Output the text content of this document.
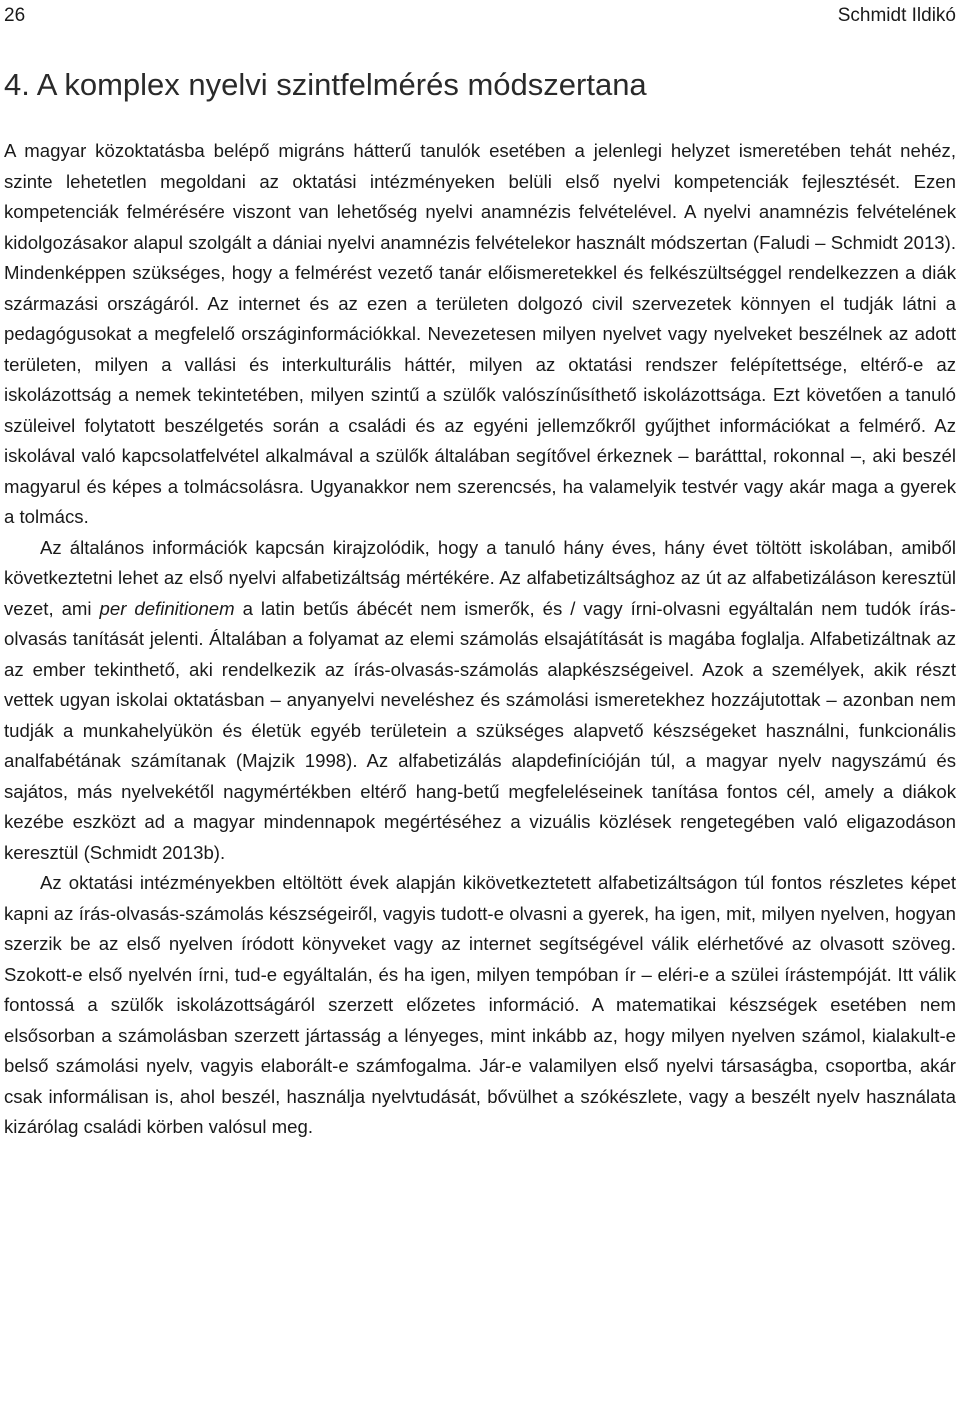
26	Schmidt Ildikó
4. A komplex nyelvi szintfelmérés módszertana

A magyar közoktatásba belépő migráns hátterű tanulók esetében a jelenlegi helyzet ismeretében tehát nehéz, szinte lehetetlen megoldani az oktatási intézményeken belüli első nyelvi kompetenciák fejlesztését. Ezen kompetenciák felmérésére viszont van lehetőség nyelvi anamnézis felvételével. A nyelvi anamnézis felvételének kidolgozásakor alapul szolgált a dániai nyelvi anamnézis felvételekor használt módszertan (Faludi – Schmidt 2013). Mindenképpen szükséges, hogy a felmérést vezető tanár előismeretekkel és felkészültséggel rendelkezzen a diák származási országáról. Az internet és az ezen a területen dolgozó civil szervezetek könnyen el tudják látni a pedagógusokat a megfelelő országinformációkkal. Nevezetesen milyen nyelvet vagy nyelveket beszélnek az adott területen, milyen a vallási és interkulturális háttér, milyen az oktatási rendszer felépítettsége, eltérő-e az iskolázottság a nemek tekintetében, milyen szintű a szülők valószínűsíthető iskolázottsága. Ezt követően a tanuló szüleivel folytatott beszélgetés során a családi és az egyéni jellemzőkről gyűjthet információkat a felmérő. Az iskolával való kapcsolatfelvétel alkalmával a szülők általában segítővel érkeznek – barátttal, rokonnal –, aki beszél magyarul és képes a tolmácsolásra. Ugyanakkor nem szerencsés, ha valamelyik testvér vagy akár maga a gyerek a tolmács.

Az általános információk kapcsán kirajzolódik, hogy a tanuló hány éves, hány évet töltött iskolában, amiből következtetni lehet az első nyelvi alfabetizáltság mértékére. Az alfabetizáltsághoz az út az alfabetizáláson keresztül vezet, ami per definitionem a latin betűs ábécét nem ismerők, és / vagy írni-olvasni egyáltalán nem tudók írás-olvasás tanítását jelenti. Általában a folyamat az elemi számolás elsajátítását is magába foglalja. Alfabetizáltnak az az ember tekinthető, aki rendelkezik az írás-olvasás-számolás alapkészségeivel. Azok a személyek, akik részt vettek ugyan iskolai oktatásban – anyanyelvi neveléshez és számolási ismeretekhez hozzájutottak – azonban nem tudják a munkahelyükön és életük egyéb területein a szükséges alapvető készségeket használni, funkcionális analfabétának számítanak (Majzik 1998). Az alfabetizálás alapdefinícióján túl, a magyar nyelv nagyszámú és sajátos, más nyelvekétől nagymértékben eltérő hang-betű megfeleléseinek tanítása fontos cél, amely a diákok kezébe eszközt ad a magyar mindennapok megértéséhez a vizuális közlések rengetegében való eligazodáson keresztül (Schmidt 2013b).

Az oktatási intézményekben eltöltött évek alapján kikövetkeztetett alfabetizáltságon túl fontos részletes képet kapni az írás-olvasás-számolás készségeiről, vagyis tudott-e olvasni a gyerek, ha igen, mit, milyen nyelven, hogyan szerzik be az első nyelven íródott könyveket vagy az internet segítségével válik elérhetővé az olvasott szöveg. Szokott-e első nyelvén írni, tud-e egyáltalán, és ha igen, milyen tempóban ír – eléri-e a szülei írástempóját. Itt válik fontossá a szülők iskolázottságáról szerzett előzetes információ. A matematikai készségek esetében nem elsősorban a számolásban szerzett jártasság a lényeges, mint inkább az, hogy milyen nyelven számol, kialakult-e belső számolási nyelv, vagyis elaborált-e számfogalma. Jár-e valamilyen első nyelvi társaságba, csoportba, akár csak informálisan is, ahol beszél, használja nyelvtudását, bővülhet a szókészlete, vagy a beszélt nyelv használata kizárólag családi körben valósul meg.
